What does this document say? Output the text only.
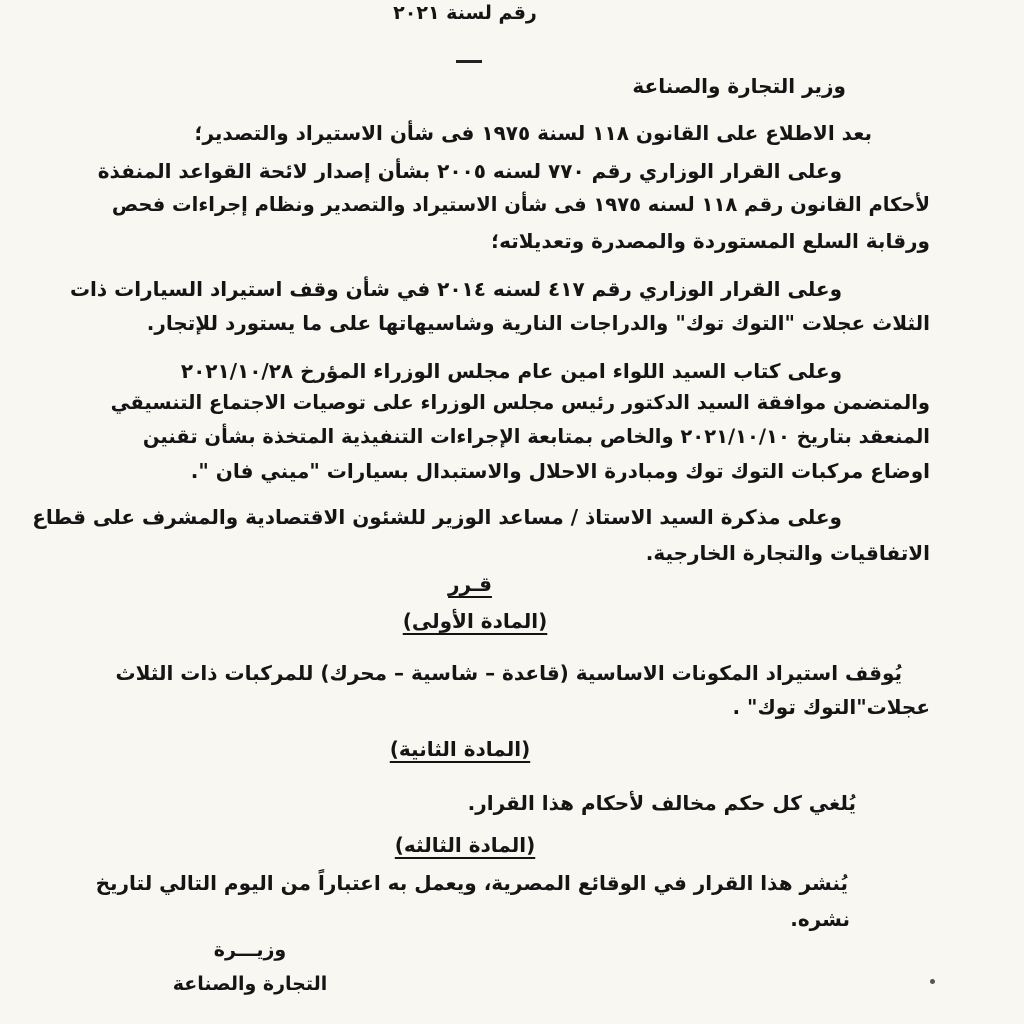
رقم لسنة ٢٠٢١
وزير التجارة والصناعة
بعد الاطلاع على القانون ١١٨ لسنة ١٩٧٥ فى شأن الاستيراد والتصدير؛
وعلى القرار الوزاري رقم ٧٧٠ لسنه ٢٠٠٥ بشأن إصدار لائحة القواعد المنفذة
لأحكام القانون رقم ١١٨ لسنه ١٩٧٥ فى شأن الاستيراد والتصدير ونظام إجراءات فحص
ورقابة السلع المستوردة والمصدرة وتعديلاته؛
وعلى القرار الوزاري رقم ٤١٧ لسنه ٢٠١٤ في شأن وقف استيراد السيارات ذات
الثلاث عجلات "التوك توك" والدراجات النارية وشاسيهاتها على ما يستورد للإتجار.
وعلى كتاب السيد اللواء امين عام مجلس الوزراء المؤرخ ٢٠٢١/١٠/٢٨
والمتضمن موافقة السيد الدكتور رئيس مجلس الوزراء على توصيات الاجتماع التنسيقي
المنعقد بتاريخ ٢٠٢١/١٠/١٠ والخاص بمتابعة الإجراءات التنفيذية المتخذة بشأن تقنين
اوضاع مركبات التوك توك ومبادرة الاحلال والاستبدال بسيارات "ميني فان ".
وعلى مذكرة السيد الاستاذ / مساعد الوزير للشئون الاقتصادية والمشرف على قطاع
الاتفاقيات والتجارة الخارجية.
قـرر
(المادة الأولى)
يُوقف استيراد المكونات الاساسية (قاعدة – شاسية – محرك) للمركبات ذات الثلاث
عجلات"التوك توك" .
(المادة الثانية)
يُلغي كل حكم مخالف لأحكام هذا القرار.
(المادة الثالثه)
يُنشر هذا القرار في الوقائع المصرية، ويعمل به اعتباراً من اليوم التالي لتاريخ
نشره.
وزيـــرة
التجارة والصناعة
